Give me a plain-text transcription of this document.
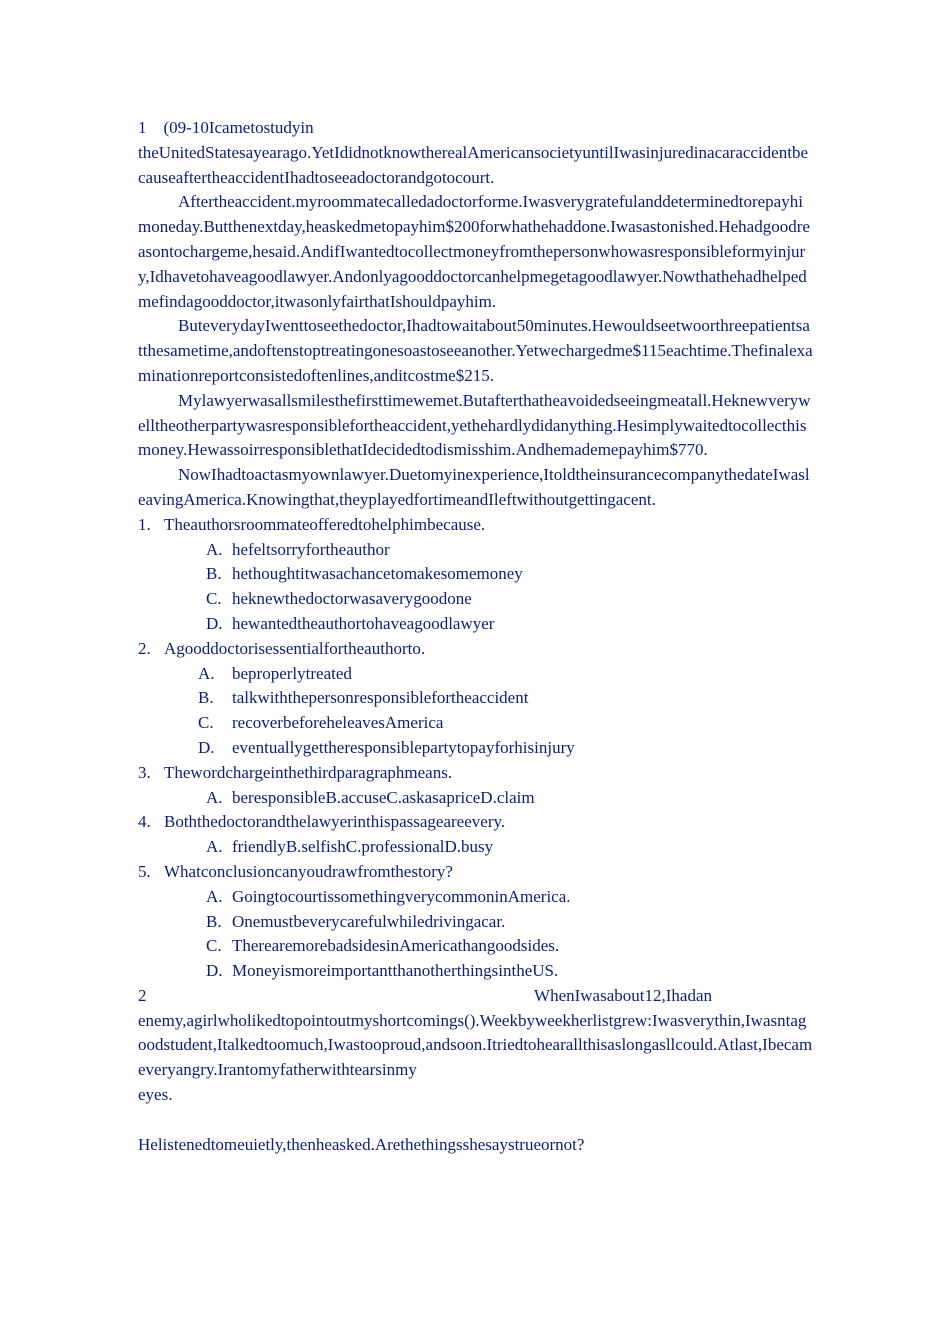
1　(09-10Icametostudyin

theUnitedStatesayearago.YetIdidnotknowtherealAmericansocietyuntilIwasinjuredinacaraccidentbecauseaftertheaccidentIhadtoseeadoctorandgotocourt.

Aftertheaccident.myroommatecalledadoctorforme.Iwasverygratefulanddeterminedtorepayhimoneday.Butthenextday,heaskedmetopayhim$200forwhathehaddone.Iwasastonished.Hehadgoodreasontochargeme,hesaid.AndifIwantedtocollectmoneyfromthepersonwhowasresponsibleformyinjury,Idhavetohaveagoodlawyer.Andonlyagooddoctorcanhelpmegetagoodlawyer.Nowthathehadhelpedmefindagooddoctor,itwasonlyfairthatIshouldpayhim.

ButeverydayIwenttoseethedoctor,Ihadtowaitabout50minutes.Hewouldseetwoorthreepatientsatthesametime,andoftenstoptreatingonesoastoseeanother.Yetwechargedme$115eachtime.Thefinalexaminationreportconsistedoftenlines,anditcostme$215.

Mylawyerwasallsmilesthefirsttimewemet.Butafterthatheavoidedseeingmeatall.Heknewverywelltheotherpartywasresponsiblefortheaccident,yethehardlydidanything.Hesimplywaitedtocollecthismoney.HewassoirresponsiblethatIdecidedtodismisshim.Andhemademepayhim$770.

NowIhadtoactasmyownlawyer.Duetomyinexperience,ItoldtheinsurancecompanythedateIwasleavingAmerica.Knowingthat,theyplayedfortimeandIleftwithoutgettingacent.

1. Theauthorsroommateofferedtohelphimbecause.

A. hefeltsorryfortheauthor

B. hethoughtitwasachancetomakesomemoney

C. heknewthedoctorwasaverygoodone

D. hewantedtheauthortohaveagoodlawyer

2. Agooddoctorisessentialfortheauthorto.

A. beproperlytreated

B. talkwiththepersonresponsiblefortheaccident

C. recoverbeforeheleavesAmerica

D. eventuallygettheresponsiblepartytopayforhisinjury

3. Thewordchargeinthethirdparagraphmeans.

A. beresponsibleB.accuseC.askasapriceD.claim

4. Boththedoctorandthelawyerinthispassageareevery.

A. friendlyB.selfishC.professionalD.busy

5. Whatconclusioncanyoudrawfromthestory?

A. GoingtocourtissomethingverycommoninAmerica.

B. Onemustbeverycarefulwhiledrivingacar.

C. TherearemorebadsidesinAmericathangoodsides.

D. MoneyismoreimportantthanotherthingsintheUS.

2	WhenIwasabout12,Ihadan

enemy,agirlwholikedtopointoutmyshortcomings().Weekbyweekherlistgrew:Iwasverythin,Iwasntagoodstudent,Italkedtoomuch,Iwastooproud,andsoon.Itriedtohearallthisaslongasllcould.Atlast,Ibecameveryangry.Irantomyfatherwithtearsinmy

eyes.

Helistenedtomeuietly,thenheasked.Arethethingsshesaystrueornot?
